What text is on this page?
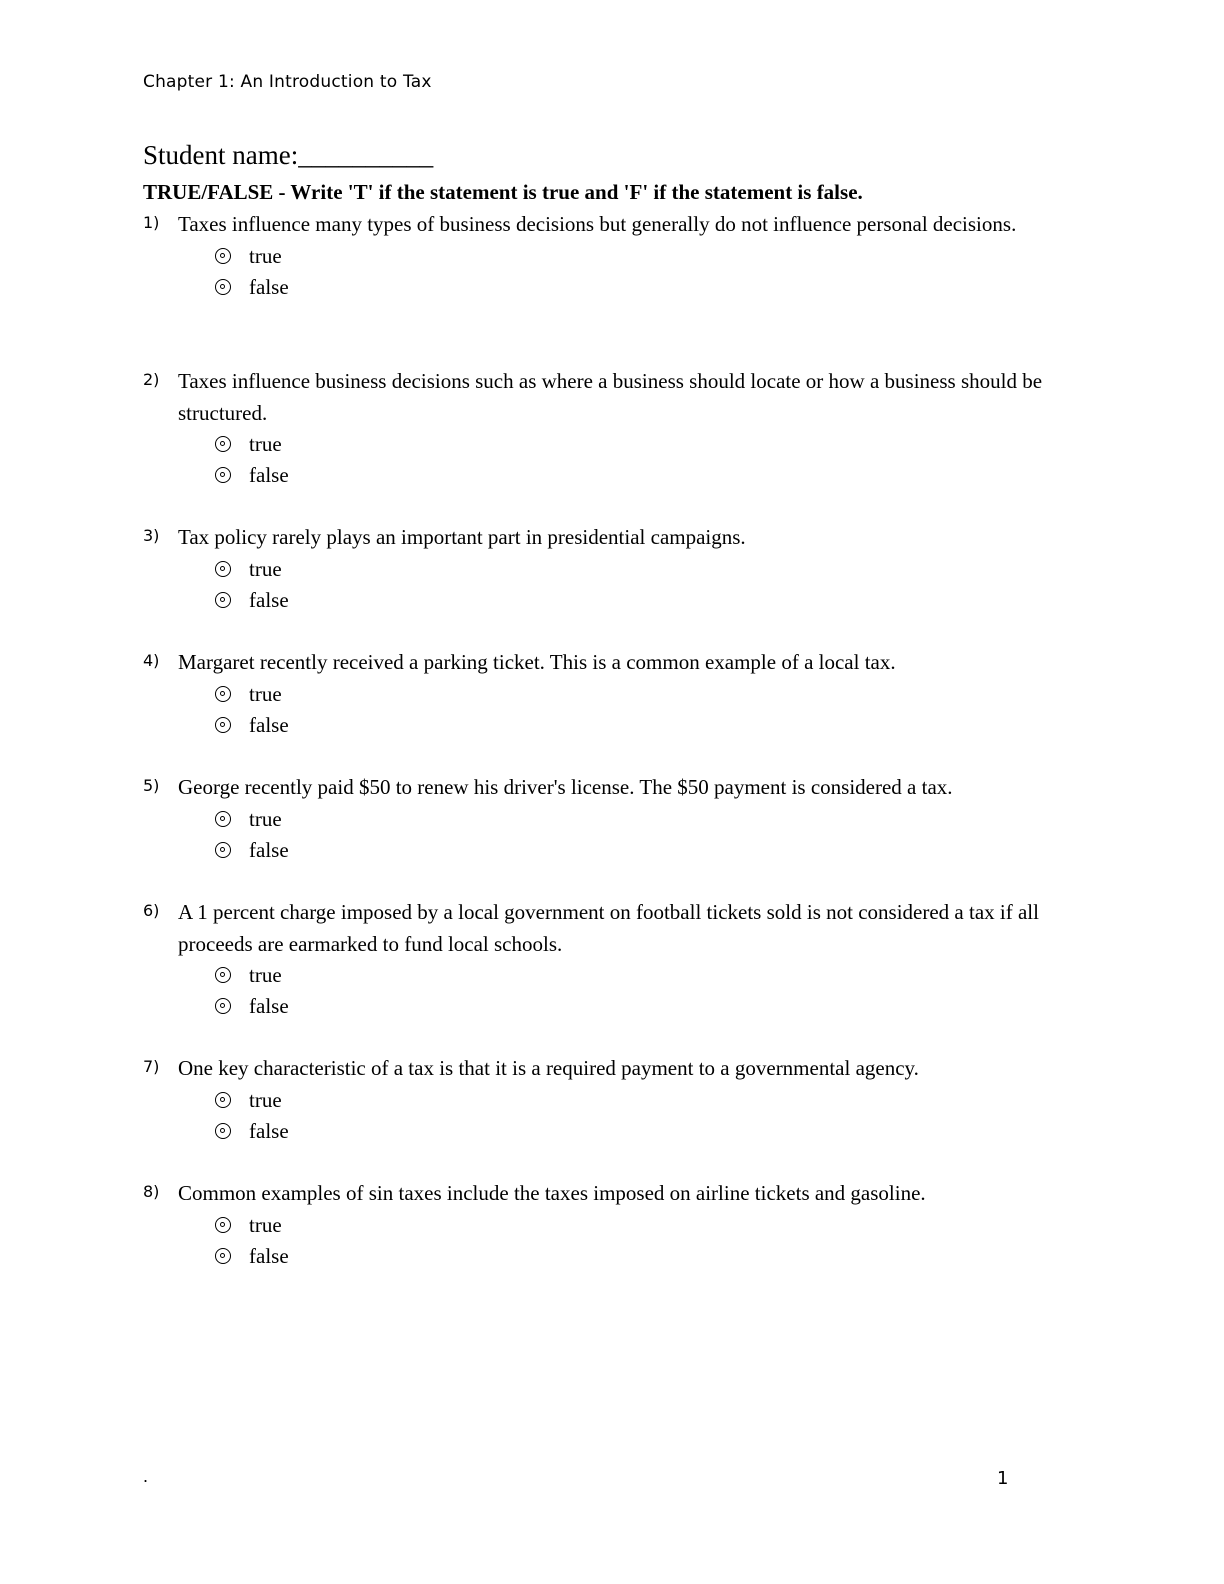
Chapter 1: An Introduction to Tax
Student name:__________
TRUE/FALSE - Write 'T' if the statement is true and 'F' if the statement is false.
1) Taxes influence many types of business decisions but generally do not influence personal decisions.
true
false
2) Taxes influence business decisions such as where a business should locate or how a business should be structured.
true
false
3) Tax policy rarely plays an important part in presidential campaigns.
true
false
4) Margaret recently received a parking ticket. This is a common example of a local tax.
true
false
5) George recently paid $50 to renew his driver's license. The $50 payment is considered a tax.
true
false
6) A 1 percent charge imposed by a local government on football tickets sold is not considered a tax if all proceeds are earmarked to fund local schools.
true
false
7) One key characteristic of a tax is that it is a required payment to a governmental agency.
true
false
8) Common examples of sin taxes include the taxes imposed on airline tickets and gasoline.
true
false
.	1
